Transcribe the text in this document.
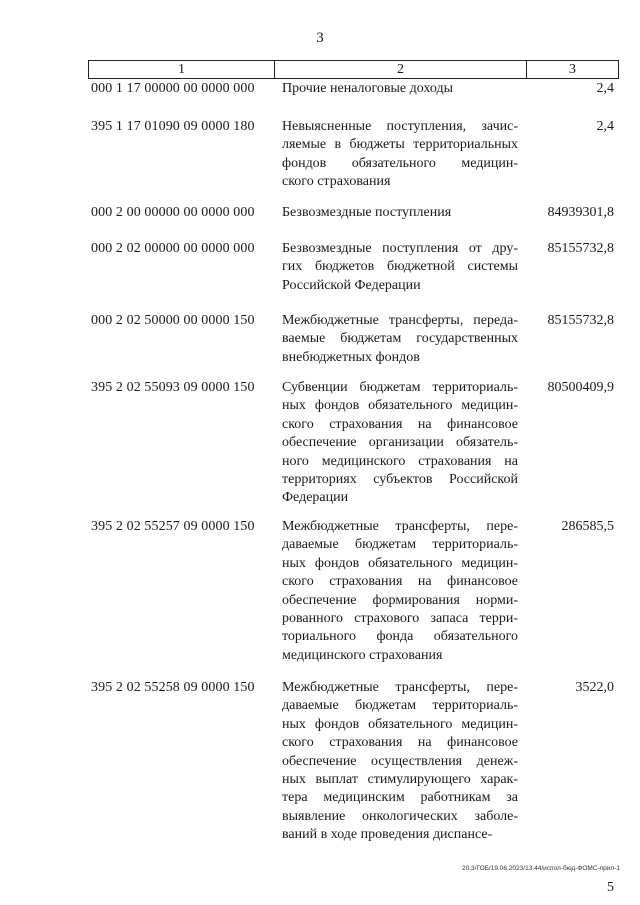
3
1	2	3
000 1 17 00000 00 0000 000	Прочие неналоговые доходы	2,4
395 1 17 01090 09 0000 180	Невыясненные поступления, зачис-
ляемые в бюджеты территориальных
фондов обязательного медицин-
ского страхования
2,4
000 2 00 00000 00 0000 000	Безвозмездные поступления	84939301,8
000 2 02 00000 00 0000 000	Безвозмездные поступления от дру-
гих бюджетов бюджетной системы
Российской Федерации
85155732,8
000 2 02 50000 00 0000 150	Межбюджетные трансферты, переда-
ваемые бюджетам государственных
внебюджетных фондов
85155732,8
395 2 02 55093 09 0000 150	Субвенции бюджетам территориаль-
ных фондов обязательного медицин-
ского страхования на финансовое
обеспечение организации обязатель-
ного медицинского страхования на
территориях субъектов Российской
Федерации
80500409,9
395 2 02 55257 09 0000 150	Межбюджетные трансферты, пере-
даваемые бюджетам территориаль-
ных фондов обязательного медицин-
ского страхования на финансовое
обеспечение формирования норми-
рованного страхового запаса терри-
ториального фонда обязательного
медицинского страхования
286585,5
395 2 02 55258 09 0000 150	Межбюджетные трансферты, пере-
даваемые бюджетам территориаль-
ных фондов обязательного медицин-
ского страхования на финансовое
обеспечение осуществления денеж-
ных выплат стимулирующего харак-
тера медицинским работникам за
выявление онкологических заболе-
ваний в ходе проведения диспансе-
3522,0
20.3/ГОБ/19.06.2023/13:44/испол-бюд-ФОМС-прил-1
5
